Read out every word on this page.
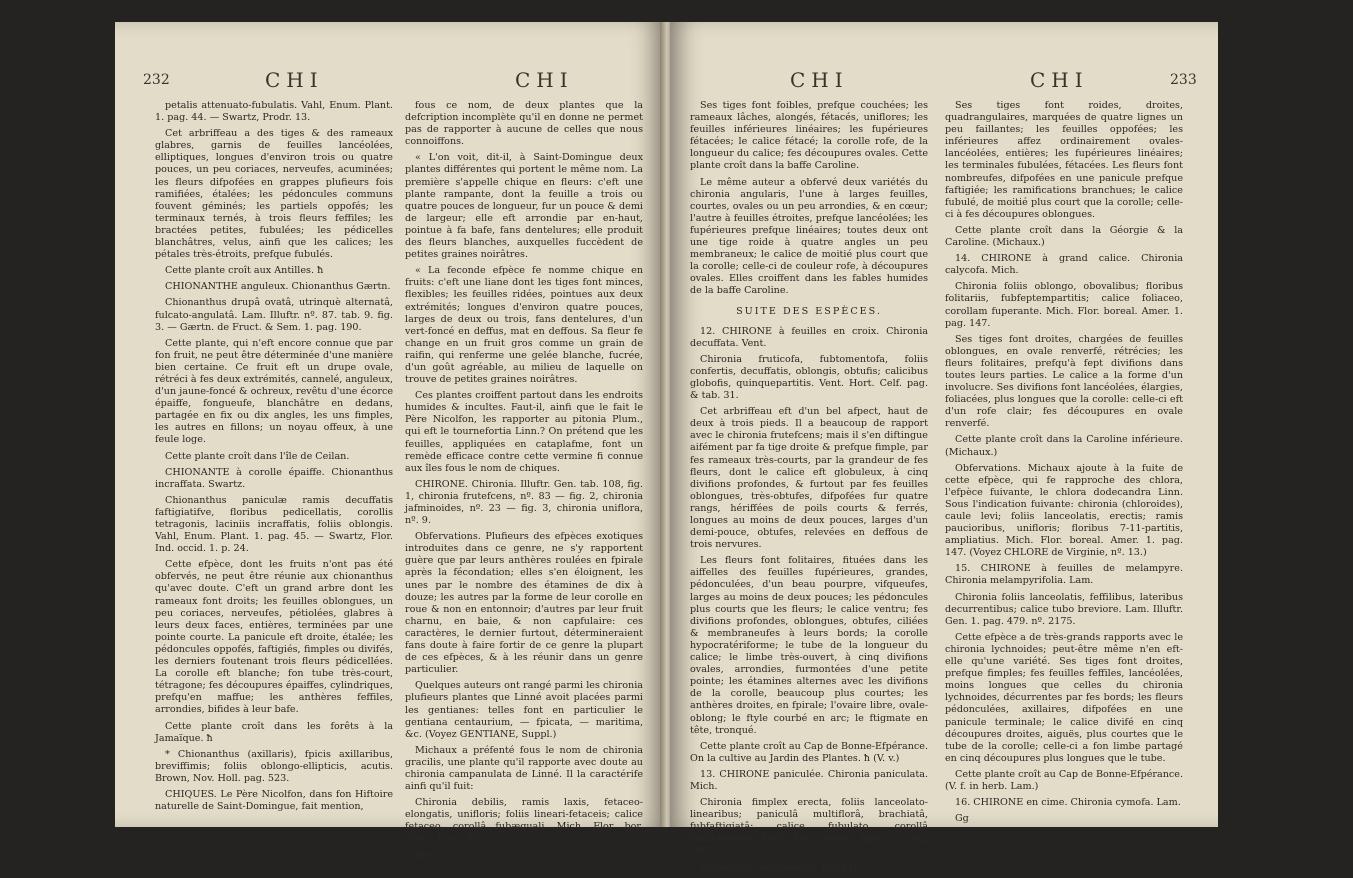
232	CHI	CHI

petalis attenuato-fubulatis. Vahl, Enum. Plant. 1. pag. 44. — Swartz, Prodr. 13.

Cet arbriffeau a des tiges & des rameaux glabres, garnis de feuilles lancéolées, elliptiques, longues d'environ trois ou quatre pouces, un peu coriaces, nerveufes, acuminées; les fleurs difpofées en grappes plufieurs fois ramifiées, étalées; les pédoncules communs fouvent géminés; les partiels oppofés; les terminaux ternés, à trois fleurs feffiles; les bractées petites, fubulées; les pédicelles blanchâtres, velus, ainfi que les calices; les pétales très-étroits, prefque fubulés.

Cette plante croît aux Antilles. ħ

CHIONANTHE anguleux. Chionanthus Gærtn.

Chionanthus drupâ ovatâ, utrinquè alternatâ, fulcato-angulatâ. Lam. Illuftr. nº. 87. tab. 9. fig. 3. — Gærtn. de Fruct. & Sem. 1. pag. 190.

Cette plante, qui n'eft encore connue que par fon fruit, ne peut être déterminée d'une manière bien certaine. Ce fruit eft un drupe ovale, rétréci à fes deux extrémités, cannelé, anguleux, d'un jaune-foncé & ochreux, revêtu d'une écorce épaiffe, fongueufe, blanchâtre en dedans, partagée en fix ou dix angles, les uns fimples, les autres en fillons; un noyau offeux, à une feule loge.

Cette plante croît dans l'île de Ceilan.

CHIONANTE à corolle épaiffe. Chionanthus incraffata. Swartz.

Chionanthus paniculæ ramis decuffatis faftigiatifve, floribus pedicellatis, corollis tetragonis, laciniis incraffatis, foliis oblongis. Vahl, Enum. Plant. 1. pag. 45. — Swartz, Flor. Ind. occid. 1. p. 24.

Cette efpèce, dont les fruits n'ont pas été obfervés, ne peut être réunie aux chionanthus qu'avec doute. C'eft un grand arbre dont les rameaux font droits; les feuilles oblongues, un peu coriaces, nerveufes, pétiolées, glabres à leurs deux faces, entières, terminées par une pointe courte. La panicule eft droite, étalée; les pédoncules oppofés, faftigiés, fimples ou divifés, les derniers foutenant trois fleurs pédicellées. La corolle eft blanche; fon tube très-court, tétragone; fes découpures épaiffes, cylindriques, prefqu'en maffue; les anthères feffiles, arrondies, bifides à leur bafe.

Cette plante croît dans les forêts à la Jamaïque. ħ

* Chionanthus (axillaris), fpicis axillaribus, breviffimis; foliis oblongo-ellipticis, acutis. Brown, Nov. Holl. pag. 523.

CHIQUES. Le Père Nicolfon, dans fon Hiftoire naturelle de Saint-Domingue, fait mention,

fous ce nom, de deux plantes que la defcription incomplète qu'il en donne ne permet pas de rapporter à aucune de celles que nous connoiffons.

« L'on voit, dit-il, à Saint-Domingue deux plantes différentes qui portent le même nom. La première s'appelle chique en fleurs: c'eft une plante rampante, dont la feuille a trois ou quatre pouces de longueur, fur un pouce & demi de largeur; elle eft arrondie par en-haut, pointue à fa bafe, fans dentelures; elle produit des fleurs blanches, auxquelles fuccèdent de petites graines noirâtres.

« La feconde efpèce fe nomme chique en fruits: c'eft une liane dont les tiges font minces, flexibles; les feuilles ridées, pointues aux deux extrémités; longues d'environ quatre pouces, larges de deux ou trois, fans dentelures, d'un vert-foncé en deffus, mat en deffous. Sa fleur fe change en un fruit gros comme un grain de raifin, qui renferme une gelée blanche, fucrée, d'un goût agréable, au milieu de laquelle on trouve de petites graines noirâtres.

Ces plantes croiffent partout dans les endroits humides & incultes. Faut-il, ainfi que le fait le Père Nicolfon, les rapporter au pitonia Plum., qui eft le tournefortia Linn.? On prétend que les feuilles, appliquées en cataplafme, font un remède efficace contre cette vermine fi connue aux îles fous le nom de chiques.

CHIRONE. Chironia. Illuftr. Gen. tab. 108, fig. 1, chironia frutefcens, nº. 83 — fig. 2, chironia jafminoides, nº. 23 — fig. 3, chironia uniflora, nº. 9.

Obfervations. Plufieurs des efpèces exotiques introduites dans ce genre, ne s'y rapportent guère que par leurs anthères roulées en fpirale après la fécondation; elles s'en éloignent, les unes par le nombre des étamines de dix à douze; les autres par la forme de leur corolle en roue & non en entonnoir; d'autres par leur fruit charnu, en baie, & non capfulaire: ces caractères, le dernier furtout, détermineraient fans doute à faire fortir de ce genre la plupart de ces efpèces, & à les réunir dans un genre particulier.

Quelques auteurs ont rangé parmi les chironia plufieurs plantes que Linné avoit placées parmi les gentianes: telles font en particulier le gentiana centaurium, — fpicata, — maritima, &c. (Voyez GENTIANE, Suppl.)

Michaux a préfenté fous le nom de chironia gracilis, une plante qu'il rapporte avec doute au chironia campanulata de Linné. Il la caractérife ainfi qu'il fuit:

Chironia debilis, ramis laxis, fetaceo-elongatis, unifloris; foliis lineari-fetaceis; calice fetaceo, corollâ fubæquali. Mich. Flor. bor. Amer. 1. p. 146.

Ses

CHI	CHI	233

Ses tiges font foibles, prefque couchées; les rameaux lâches, alongés, fétacés, uniflores; les feuilles inférieures linéaires; les fupérieures fétacées; le calice fétacé; la corolle rofe, de la longueur du calice; fes découpures ovales. Cette plante croît dans la baffe Caroline.

Le même auteur a obfervé deux variétés du chironia angularis, l'une à larges feuilles, courtes, ovales ou un peu arrondies, & en cœur; l'autre à feuilles étroites, prefque lancéolées; les fupérieures prefque linéaires; toutes deux ont une tige roide à quatre angles un peu membraneux; le calice de moitié plus court que la corolle; celle-ci de couleur rofe, à découpures ovales. Elles croiffent dans les fables humides de la baffe Caroline.

SUITE DES ESPÈCES.

12. CHIRONE à feuilles en croix. Chironia decuffata. Vent.

Chironia fruticofa, fubtomentofa, foliis confertis, decuffatis, oblongis, obtufis; calicibus globofis, quinquepartitis. Vent. Hort. Celf. pag. & tab. 31.

Cet arbriffeau eft d'un bel afpect, haut de deux à trois pieds. Il a beaucoup de rapport avec le chironia frutefcens; mais il s'en diftingue aifément par fa tige droite & prefque fimple, par fes rameaux très-courts, par la grandeur de fes fleurs, dont le calice eft globuleux, à cinq divifions profondes, & furtout par fes feuilles oblongues, très-obtufes, difpofées fur quatre rangs, hériffées de poils courts & ferrés, longues au moins de deux pouces, larges d'un demi-pouce, obtufes, relevées en deffous de trois nervures.

Les fleurs font folitaires, fituées dans les aiffelles des feuilles fupérieures, grandes, pédonculées, d'un beau pourpre, vifqueufes, larges au moins de deux pouces; les pédoncules plus courts que les fleurs; le calice ventru; fes divifions profondes, oblongues, obtufes, ciliées & membraneufes à leurs bords; la corolle hypocratériforme; le tube de la longueur du calice; le limbe très-ouvert, à cinq divifions ovales, arrondies, furmontées d'une petite pointe; les étamines alternes avec les divifions de la corolle, beaucoup plus courtes; les anthères droites, en fpirale; l'ovaire libre, ovale-oblong; le ftyle courbé en arc; le ftigmate en tête, tronqué.

Cette plante croît au Cap de Bonne-Efpérance. On la cultive au Jardin des Plantes. ħ (V. v.)

13. CHIRONE paniculée. Chironia paniculata. Mich.

Chironia fimplex erecta, foliis lanceolato-linearibus; paniculâ multiflorâ, brachiatâ, fubfaftigiatâ; calice fubulato, corollâ femibreviore. Mich. Flor. boreal. Amer. 1. pag. 146.

Botanique. Supplément. Tome II.

Ses tiges font roides, droites, quadrangulaires, marquées de quatre lignes un peu faillantes; les feuilles oppofées; les inférieures affez ordinairement ovales-lancéolées, entières; les fupérieures linéaires; les terminales fubulées, fétacées. Les fleurs font nombreufes, difpofées en une panicule prefque faftigiée; les ramifications branchues; le calice fubulé, de moitié plus court que la corolle; celle-ci à fes découpures oblongues.

Cette plante croît dans la Géorgie & la Caroline. (Michaux.)

14. CHIRONE à grand calice. Chironia calycofa. Mich.

Chironia foliis oblongo, obovalibus; floribus folitariis, fubfeptempartitis; calice foliaceo, corollam fuperante. Mich. Flor. boreal. Amer. 1. pag. 147.

Ses tiges font droites, chargées de feuilles oblongues, en ovale renverfé, rétrécies; les fleurs folitaires, prefqu'à fept divifions dans toutes leurs parties. Le calice a la forme d'un involucre. Ses divifions font lancéolées, élargies, foliacées, plus longues que la corolle: celle-ci eft d'un rofe clair; fes découpures en ovale renverfé.

Cette plante croît dans la Caroline inférieure. (Michaux.)

Obfervations. Michaux ajoute à la fuite de cette efpèce, qui fe rapproche des chlora, l'efpèce fuivante, le chlora dodecandra Linn. Sous l'indication fuivante: chironia (chloroides), caule levi; foliis lanceolatis, erectis; ramis paucioribus, unifloris; floribus 7-11-partitis, ampliatius. Mich. Flor. boreal. Amer. 1. pag. 147. (Voyez CHLORE de Virginie, nº. 13.)

15. CHIRONE à feuilles de melampyre. Chironia melampyrifolia. Lam.

Chironia foliis lanceolatis, feffilibus, lateribus decurrentibus; calice tubo breviore. Lam. Illuftr. Gen. 1. pag. 479. nº. 2175.

Cette efpèce a de très-grands rapports avec le chironia lychnoides; peut-être même n'en eft-elle qu'une variété. Ses tiges font droites, prefque fimples; fes feuilles feffiles, lancéolées, moins longues que celles du chironia lychnoides, décurrentes par fes bords; les fleurs pédonculées, axillaires, difpofées en une panicule terminale; le calice divifé en cinq découpures droites, aiguës, plus courtes que le tube de la corolle; celle-ci a fon limbe partagé en cinq découpures plus longues que le tube.

Cette plante croît au Cap de Bonne-Efpérance. (V. f. in herb. Lam.)

16. CHIRONE en cime. Chironia cymofa. Lam.

Gg
